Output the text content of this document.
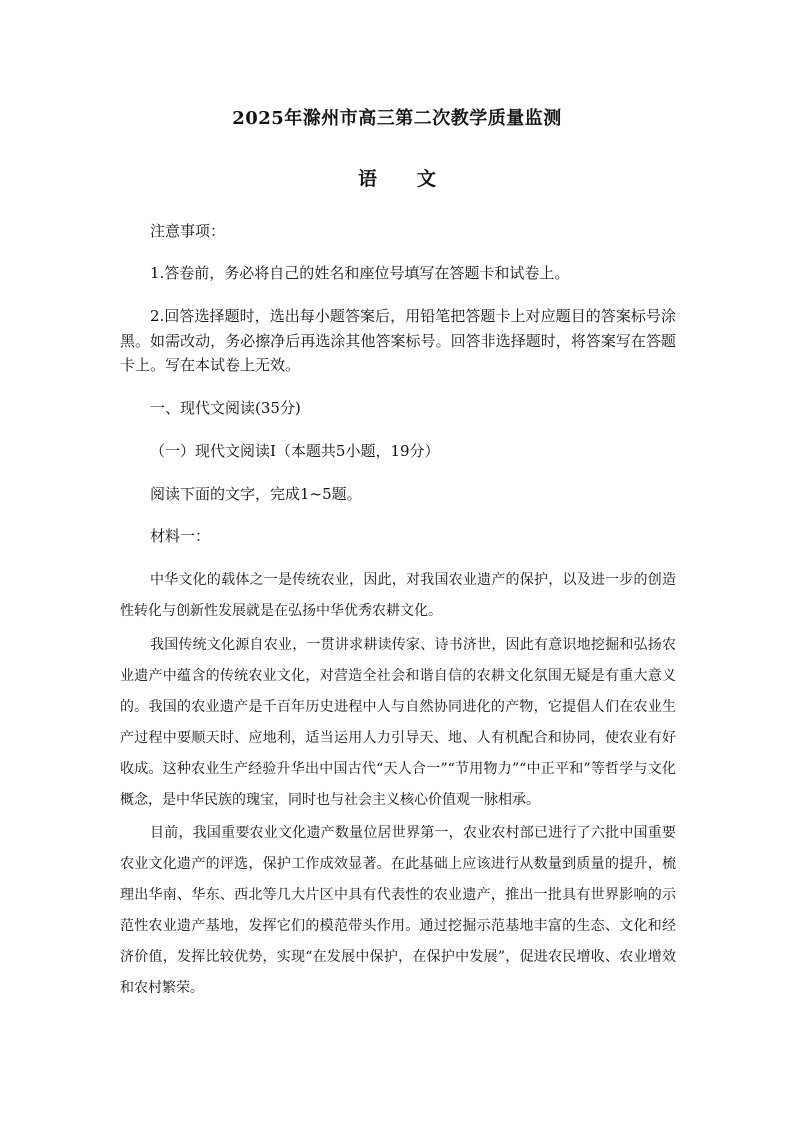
2025年滁州市高三第二次教学质量监测
语文

注意事项：

1.答卷前，务必将自己的姓名和座位号填写在答题卡和试卷上。

2.回答选择题时，选出每小题答案后，用铅笔把答题卡上对应题目的答案标号涂黑。如需改动，务必擦净后再选涂其他答案标号。回答非选择题时，将答案写在答题卡上。写在本试卷上无效。

一、现代文阅读(35分)

（一）现代文阅读Ⅰ（本题共5小题，19分）

阅读下面的文字，完成1~5题。

材料一：

中华文化的载体之一是传统农业，因此，对我国农业遗产的保护，以及进一步的创造性转化与创新性发展就是在弘扬中华优秀农耕文化。

我国传统文化源自农业，一贯讲求耕读传家、诗书济世，因此有意识地挖掘和弘扬农业遗产中蕴含的传统农业文化，对营造全社会和谐自信的农耕文化氛围无疑是有重大意义的。我国的农业遗产是千百年历史进程中人与自然协同进化的产物，它提倡人们在农业生产过程中要顺天时、应地利，适当运用人力引导天、地、人有机配合和协同，使农业有好收成。这种农业生产经验升华出中国古代“天人合一”“节用物力”“中正平和”等哲学与文化概念，是中华民族的瑰宝，同时也与社会主义核心价值观一脉相承。

目前，我国重要农业文化遗产数量位居世界第一，农业农村部已进行了六批中国重要农业文化遗产的评选，保护工作成效显著。在此基础上应该进行从数量到质量的提升，梳理出华南、华东、西北等几大片区中具有代表性的农业遗产，推出一批具有世界影响的示范性农业遗产基地，发挥它们的模范带头作用。通过挖掘示范基地丰富的生态、文化和经济价值，发挥比较优势，实现“在发展中保护，在保护中发展”，促进农民增收、农业增效和农村繁荣。
